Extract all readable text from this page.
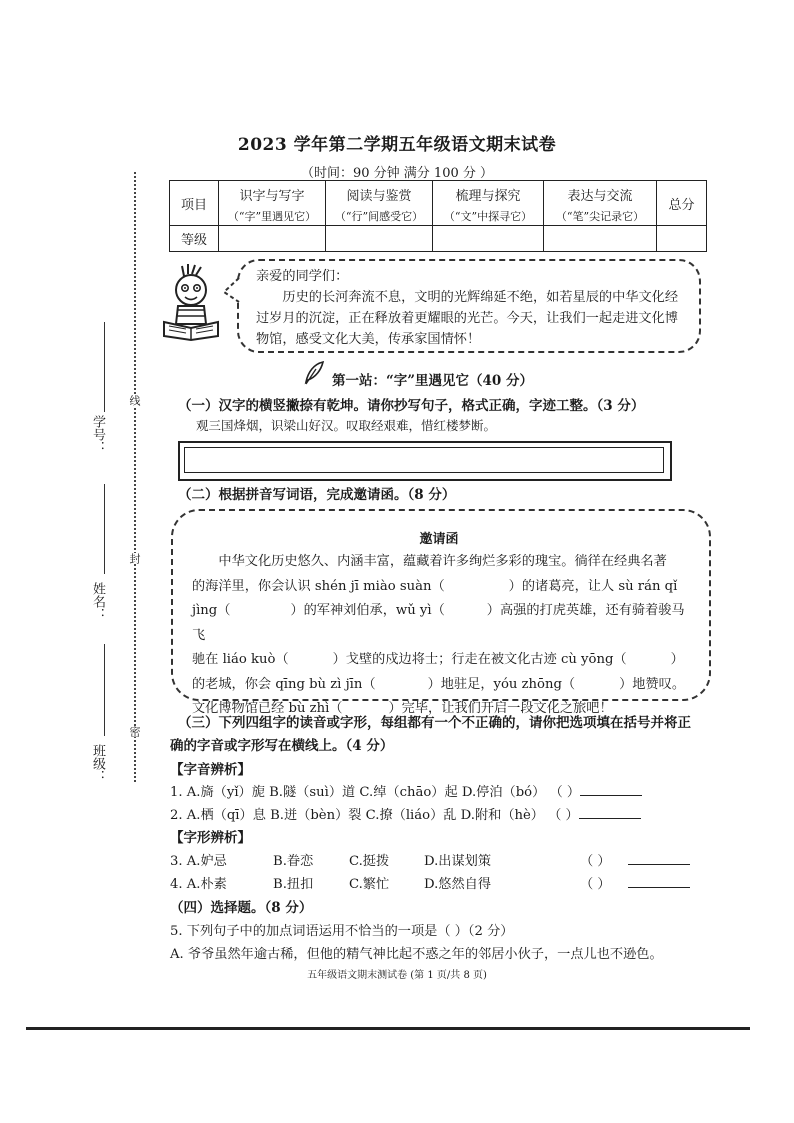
2023 学年第二学期五年级语文期末试卷
（时间：90 分钟 满分 100 分 ）
项目	识字与写字	阅读与鉴赏	梳理与探究	表达与交流	总分
	（“字”里遇见它）	（“行”间感受它）	（“文”中探寻它）	（“笔”尖记录它）	
等级					
学号：
姓名：
班级：
线
封
密
亲爱的同学们：
历史的长河奔流不息，文明的光辉绵延不绝，如若星辰的中华文化经过岁月的沉淀，正在释放着更耀眼的光芒。今天，让我们一起走进文化博物馆，感受文化大美，传承家国情怀！
第一站：“字”里遇见它（40 分）
（一）汉字的横竖撇捺有乾坤。请你抄写句子，格式正确，字迹工整。（3 分）
观三国烽烟，识梁山好汉。叹取经艰难，惜红楼梦断。
（二）根据拼音写词语，完成邀请函。（8 分）
邀请函
中华文化历史悠久、内涵丰富，蕴藏着许多绚烂多彩的瑰宝。徜徉在经典名著
的海洋里，你会认识 shén jī miào suàn（	）的诸葛亮，让人 sù rán qǐ
jìng（	）的军神刘伯承，wǔ yì（	）高强的打虎英雄，还有骑着骏马飞
驰在 liáo kuò（	）戈壁的戍边将士；行走在被文化古迹 cù yōng（	）
的老城，你会 qīng bù zì jīn（	）地驻足，yóu zhōng（	）地赞叹。
文化博物馆已经 bù zhì（	）完毕，让我们开启一段文化之旅吧！
（三）下列四组字的读音或字形，每组都有一个不正确的，请你把选项填在括号并将正
确的字音或字形写在横线上。（4 分）
【字音辨析】
1. A.旖（yǐ）旎 B.隧（suì）道 C.绰（chāo）起 D.停泊（bó） （ ）
2. A.栖（qī）息 B.迸（bèn）裂 C.撩（liáo）乱 D.附和（hè） （ ）
【字形辨析】
3. A.妒忌	B.眷恋	C.挺拨	D.出谋划策	（ ）
4. A.朴素	B.扭扣	C.繁忙	D.悠然自得	（ ）
（四）选择题。（8 分）
5. 下列句子中的加点词语运用不恰当的一项是（ ）（2 分）
A. 爷爷虽然年逾古稀，但他的精气神比起不惑之年的邻居小伙子，一点儿也不逊色。
五年级语文期末测试卷 (第 1 页/共 8 页)
